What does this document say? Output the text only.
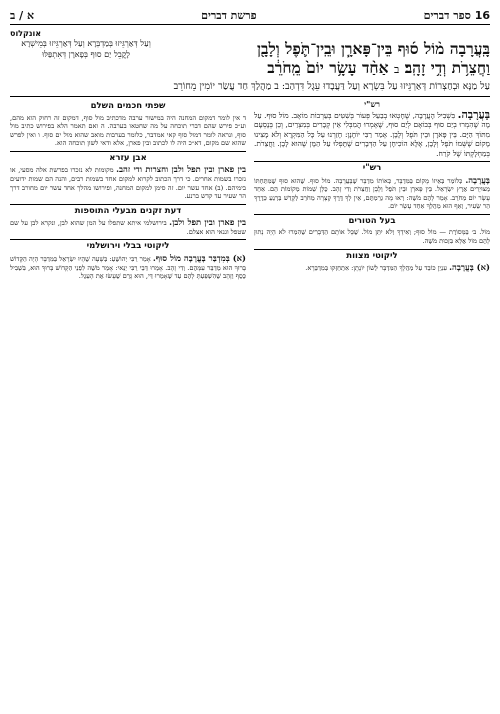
16 ספר דברים
פרשת דברים
א / ב
אונקלוס
וְעַל דְּאַרְגֵּיזוּ בְּמַדְבְּרָא וְעַל דְּאַרְגֵּיזוּ בְּמֵישְׁרָא לָקֳבֵל יַם סוּף בְּפָארָן דְּאִתְפַּלּוּ	בָּֽעֲרָבָה מ֨וֹל ס֜וּף בֵּין־פָּארָ֧ן וּבֵֽין־תֹּ֛פֶל וְלָבָ֖ן
וַחֲצֵרֹ֥ת וְדִ֥י זָהָֽב׃ ב אַחַ֨ד עָשָׂ֥ר יוֹם֙ מֵֽחֹרֵ֔ב
עַל מַנָּא וּבְחַצְרוֹת דְּאַרְגֵּיזוּ עַל בִּשְׂרָא וְעַל דַּעֲבָדוּ עֵגֶל דִּדְהַב: ב מַהֲלַךְ חַד עֲשַׂר יוֹמִין מֵחוֹרֵב
רש"י
בָּעֲרָבָה. בִּשְׁבִיל הָעֲרָבָה, שֶׁחָטְאוּ בְבַעַל פְּעוֹר בְּשִׁטִּים בְּעַרְבוֹת מוֹאָב. מוֹל סוּף. עַל מָה שֶׁהִמְרוּ בְיַם סוּף בְּבוֹאָם לְיַם סוּף, שֶׁאָמְרוּ הֲמִבְּלִי אֵין קְבָרִים בְּמִצְרַיִם, וְכֵן בְּנָסְעָם מִתּוֹךְ הַיָּם. בֵּין פָּארָן וּבֵין תֹּפֶל וְלָבָן. אָמַר רַבִּי יוֹחָנָן: חָזַרְנוּ עַל כָּל הַמִּקְרָא וְלֹא מָצִינוּ מָקוֹם שֶׁשְּׁמוֹ תֹּפֶל וְלָבָן, אֶלָּא הוֹכִיחָן עַל הַדְּבָרִים שֶׁתָּפְלוּ עַל הַמָּן שֶׁהוּא לָבָן. וַחֲצֵרֹת. בְּמַחְלָקְתּוֹ שֶׁל קֹרַח.
רש"י
בָּעֲרָבָה. כְּלוֹמַר בְּאֵיזוֹ מָקוֹם בַּמִּדְבָּר, כְּאוֹתוֹ מִדְבָּר שֶׁבָּעֲרָבָה. מוֹל סוּף. שֶׁהוּא סוּף שֶׁמִּתַּחְתּוֹ מְצוּיָרִים אֶרֶץ יִשְׂרָאֵל. בֵּין פָּארָן וּבֵין תֹּפֶל וְלָבָן וַחֲצֵרֹת וְדִי זָהָב. כֻּלָּן שְׁמוֹת מְקוֹמוֹת הֵם. אַחַד עָשָׂר יוֹם מֵחֹרֵב. אָמַר לָהֶם מֹשֶׁה: רְאוּ מָה גְרַמְתֶּם, אֵין לְךָ דֶּרֶךְ קְצָרָה מֵחֹרֵב לְקָדֵשׁ בַּרְנֵעַ כְּדֶרֶךְ הַר שֵׂעִיר, וְאַף הוּא מַהֲלַךְ אַחַד עָשָׂר יוֹם.
בעל הטורים
מוֹל. ב׳ בַּמָּסוֹרֶת — מוֹל סוּף; וְאִידָךְ וְלֹא יִתֵּן מוֹל. שֶׁכָּל אוֹתָם הַדְּבָרִים שֶׁהִמְרוּ לֹא הָיָה נָתוּן לָהֶם מוֹל אֶלָּא בִּזְכוּת מֹשֶׁה.
ליקוטי מצוות
(א) בָּעֲרָבָה. עִנְיַן כּוֹבֵד עַל מַהֲלָךְ הַמִּדְבָּר לְשׁוֹן יוֹנָתָן: אִתְחַזְּקוּ בְּמִדְבְּרָא.
שפתי חכמים השלם
ד אין לומר דמקום המחנה היה במישור ערבה מדכתיב מול סוף, דמקום זה רחוק הוא מהם, וע״כ פירש שהם דברי תוכחה על מה שחטאו בערבה. ה ואם תאמר הלא בפירוש כתיב מול סוף, ונראה לומר דמול סוף קאי אמדבר, כלומר בערבות מואב שהוא מול ים סוף. ו ואין לפרש שהוא שם מקום, דא״כ היה לו לכתוב ובין פארן, אלא ודאי לשון תוכחה הוא.
אבן עזרא
בין פארן ובין תפל ולבן וחצרות ודי זהב. מקומות לא נזכרו בפרשת אלה מסעי, או נזכרו בשמות אחרים. כי דרך הכתוב לקרוא למקום אחד בשמות רבים, והנה הם שמות ידועים בימיהם. (ב) אחד עשר יום. זה סימן למקום המחנה, ופירושו מהלך אחד עשר יום מחורב דרך הר שעיר עד קדש ברנע.
דעת זקנים מבעלי התוספות
בין פארן ובין תפל ולבן. בירושלמי איתא שתפלו על המן שהוא לבן, ונקרא לבן על שם שטפל וגנאי הוא אצלם.
ליקוטי בבלי וירושלמי
(א) בְּמִדְבַּר בָּעֲרָבָה מוֹל סוּף. אָמַר רַבִּי יְהוֹשֻׁעַ: בְּשָׁעָה שֶׁהָיוּ יִשְׂרָאֵל בַּמִּדְבָּר הָיָה הַקָּדוֹשׁ בָּרוּךְ הוּא מְדַבֵּר עִמָּהֶם. וְדִי זָהָב. אָמְרוּ דְּבֵי רַבִּי יַנַּאי: אָמַר מֹשֶׁה לִפְנֵי הַקָּדוֹשׁ בָּרוּךְ הוּא, בִּשְׁבִיל כֶּסֶף וְזָהָב שֶׁהִשְׁפַּעְתָּ לָהֶם עַד שֶׁאָמְרוּ דַּי, הוּא גָּרַם שֶׁעָשׂוּ אֶת הָעֵגֶל.
